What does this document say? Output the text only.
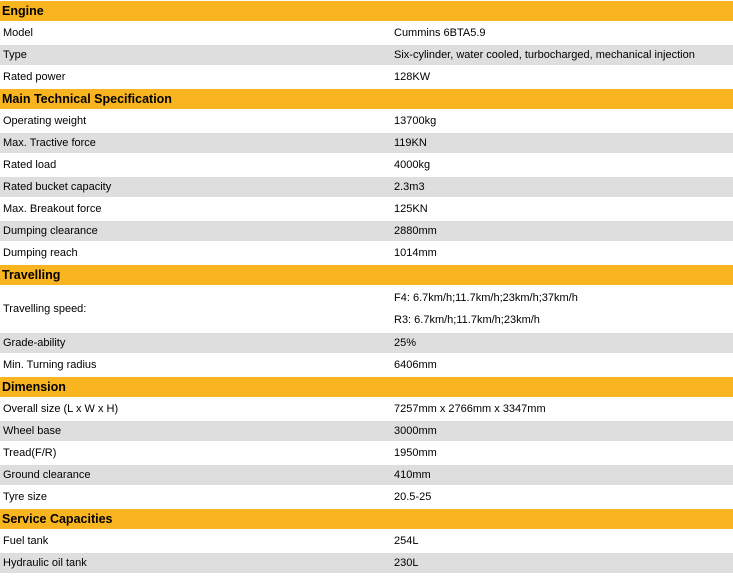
Engine	
Model	Cummins 6BTA5.9
Type	Six-cylinder, water cooled, turbocharged, mechanical injection
Rated power	128KW
Main Technical Specification	
Operating weight	13700kg
Max. Tractive force	119KN
Rated load	4000kg
Rated bucket capacity	2.3m3
Max. Breakout force	125KN
Dumping clearance	2880mm
Dumping reach	1014mm
Travelling	
Travelling speed:	F4: 6.7km/h;11.7km/h;23km/h;37km/h
R3: 6.7km/h;11.7km/h;23km/h

Grade-ability	25%
Min. Turning radius	6406mm
Dimension	
Overall size (L x W x H)	7257mm x 2766mm x 3347mm
Wheel base	3000mm
Tread(F/R)	1950mm
Ground clearance	410mm
Tyre size	20.5-25
Service Capacities	
Fuel tank	254L
Hydraulic oil tank	230L
